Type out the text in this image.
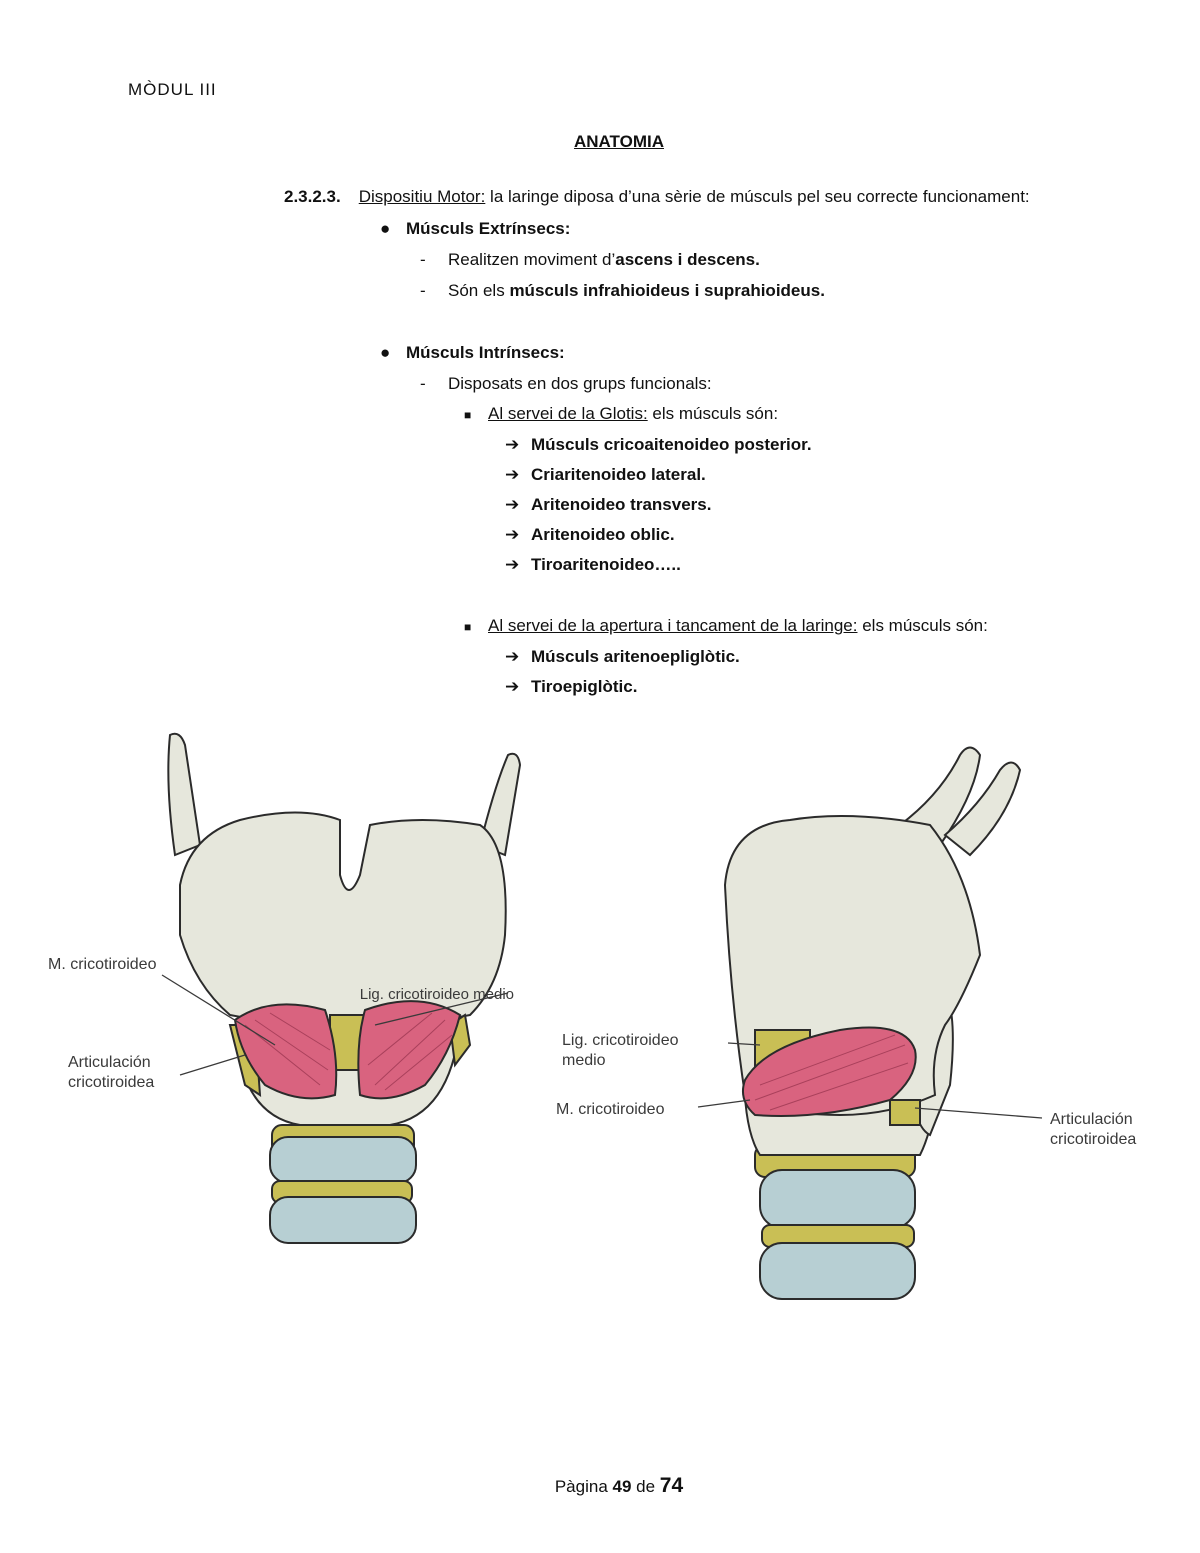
MÒDUL III
ANATOMIA
2.3.2.3. Dispositiu Motor: la laringe diposa d’una sèrie de músculs pel seu correcte funcionament:
● Músculs Extrínsecs:
- Realitzen moviment d’ascens i descens.
- Són els músculs infrahioideus i suprahioideus.
● Músculs Intrínsecs:
- Disposats en dos grups funcionals:
■ Al servei de la Glotis: els músculs són:
➔ Músculs cricoaitenoideo posterior.
➔ Criaritenoideo lateral.
➔ Aritenoideo transvers.
➔ Aritenoideo oblic.
➔ Tiroaritenoideo…..
■ Al servei de la apertura i tancament de la laringe: els músculs són:
➔ Músculs aritenoepliglòtic.
➔ Tiroepiglòtic.
M. cricotiroideo
Lig. cricotiroideo medio
Articulación
cricotiroidea
Lig. cricotiroideo
medio
M. cricotiroideo
Articulación
cricotiroidea
Pàgina 49 de 74
